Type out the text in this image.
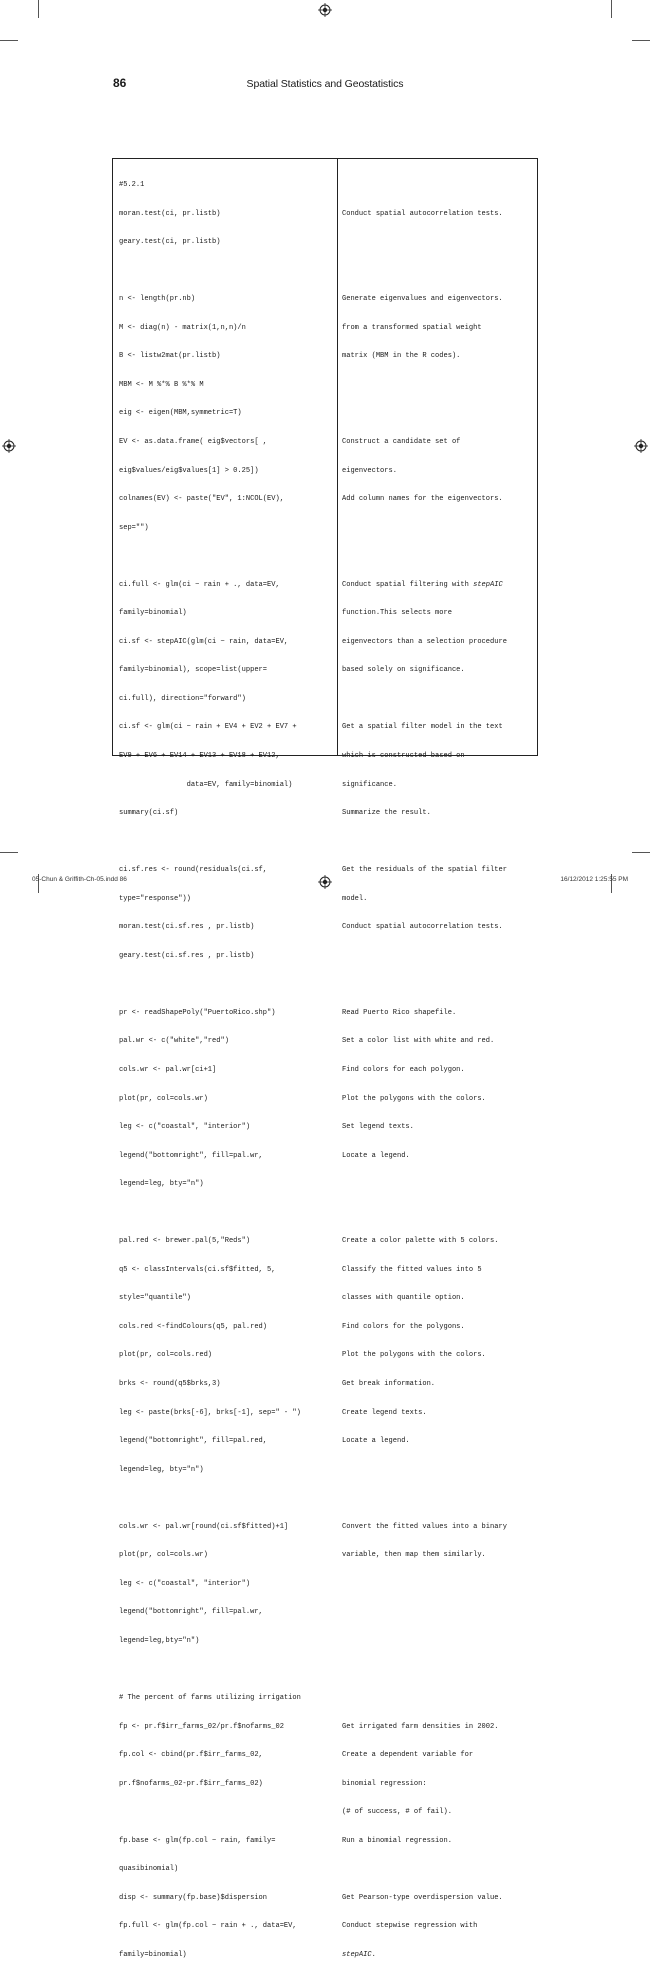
86	Spatial Statistics and Geostatistics

#5.2.1

moran.test(ci, pr.listb)

geary.test(ci, pr.listb)

n <- length(pr.nb)

M <- diag(n) - matrix(1,n,n)/n

B <- listw2mat(pr.listb)

MBM <- M %*% B %*% M

eig <- eigen(MBM,symmetric=T)

EV <- as.data.frame( eig$vectors[ ,

eig$values/eig$values[1] > 0.25])

colnames(EV) <- paste("EV", 1:NCOL(EV),

sep="")

ci.full <- glm(ci ~ rain + ., data=EV,

family=binomial)

ci.sf <- stepAIC(glm(ci ~ rain, data=EV,

family=binomial), scope=list(upper=

ci.full), direction="forward")

ci.sf <- glm(ci ~ rain + EV4 + EV2 + EV7 +

EV9 + EV6 + EV14 + EV13 + EV18 + EV12,

data=EV, family=binomial)

summary(ci.sf)

ci.sf.res <- round(residuals(ci.sf,

type="response"))

moran.test(ci.sf.res , pr.listb)

geary.test(ci.sf.res , pr.listb)

pr <- readShapePoly("PuertoRico.shp")

pal.wr <- c("white","red")

cols.wr <- pal.wr[ci+1]

plot(pr, col=cols.wr)

leg <- c("coastal", "interior")

legend("bottomright", fill=pal.wr,

legend=leg, bty="n")

pal.red <- brewer.pal(5,"Reds")

q5 <- classIntervals(ci.sf$fitted, 5,

style="quantile")

cols.red <-findColours(q5, pal.red)

plot(pr, col=cols.red)

brks <- round(q5$brks,3)

leg <- paste(brks[-6], brks[-1], sep=" - ")

legend("bottomright", fill=pal.red,

legend=leg, bty="n")

cols.wr <- pal.wr[round(ci.sf$fitted)+1]

plot(pr, col=cols.wr)

leg <- c("coastal", "interior")

legend("bottomright", fill=pal.wr,

legend=leg,bty="n")

# The percent of farms utilizing irrigation

fp <- pr.f$irr_farms_02/pr.f$nofarms_02

fp.col <- cbind(pr.f$irr_farms_02,

pr.f$nofarms_02-pr.f$irr_farms_02)

fp.base <- glm(fp.col ~ rain, family=

quasibinomial)

disp <- summary(fp.base)$dispersion

fp.full <- glm(fp.col ~ rain + ., data=EV,

family=binomial)

Conduct spatial autocorrelation tests.

Generate eigenvalues and eigenvectors.

from a transformed spatial weight

matrix (MBM in the R codes).

Construct a candidate set of

eigenvectors.

Add column names for the eigenvectors.

Conduct spatial filtering with stepAIC

function.This selects more

eigenvectors than a selection procedure

based solely on significance.

Get a spatial filter model in the text

which is constructed based on

significance.

Summarize the result.

Get the residuals of the spatial filter

model.

Conduct spatial autocorrelation tests.

Read Puerto Rico shapefile.

Set a color list with white and red.

Find colors for each polygon.

Plot the polygons with the colors.

Set legend texts.

Locate a legend.

Create a color palette with 5 colors.

Classify the fitted values into 5

classes with quantile option.

Find colors for the polygons.

Plot the polygons with the colors.

Get break information.

Create legend texts.

Locate a legend.

Convert the fitted values into a binary

variable, then map them similarly.

Get irrigated farm densities in 2002.

Create a dependent variable for

binomial regression:

(# of success, # of fail).

Run a binomial regression.

Get Pearson-type overdispersion value.

Conduct stepwise regression with

stepAIC.

05-Chun & Griffith-Ch-05.indd 86	16/12/2012 1:25:55 PM
